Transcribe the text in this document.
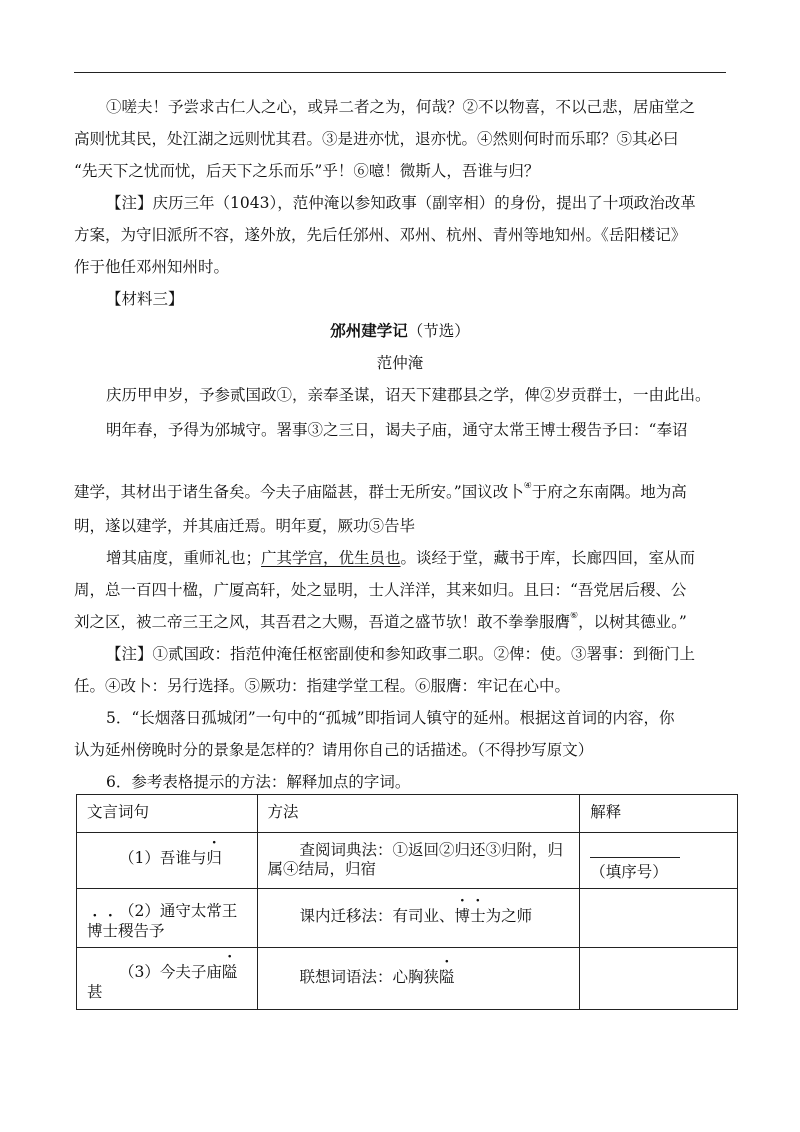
①嗟夫！予尝求古仁人之心，或异二者之为，何哉？②不以物喜，不以己悲，居庙堂之
高则忧其民，处江湖之远则忧其君。③是进亦忧，退亦忧。④然则何时而乐耶？⑤其必曰
“先天下之忧而忧，后天下之乐而乐”乎！⑥噫！微斯人，吾谁与归？
【注】庆历三年（1043），范仲淹以参知政事（副宰相）的身份，提出了十项政治改革
方案，为守旧派所不容，遂外放，先后任邠州、邓州、杭州、青州等地知州。《岳阳楼记》
作于他任邓州知州时。
【材料三】
邠州建学记（节选）
范仲淹
庆历甲申岁，予参贰国政①，亲奉圣谋，诏天下建郡县之学，俾②岁贡群士，一由此出。
明年春，予得为邠城守。署事③之三日，谒夫子庙，通守太常王博士稷告予曰：“奉诏
建学，其材出于诸生备矣。今夫子庙隘甚，群士无所安。”国议改卜④于府之东南隅。地为高
明，遂以建学，并其庙迁焉。明年夏，厥功⑤告毕
增其庙度，重师礼也；广其学宫，优生员也。谈经于堂，藏书于库，长廊四回，室从而
周，总一百四十楹，广厦高轩，处之显明，士人洋洋，其来如归。且曰：“吾党居后稷、公
刘之区，被二帝三王之风，其吾君之大赐，吾道之盛节欤！敢不拳拳服膺⑥，以树其德业。”
【注】①贰国政：指范仲淹任枢密副使和参知政事二职。②俾：使。③署事：到衙门上
任。④改卜：另行选择。⑤厥功：指建学堂工程。⑥服膺：牢记在心中。
5．“长烟落日孤城闭”一句中的“孤城”即指词人镇守的延州。根据这首词的内容，你
认为延州傍晚时分的景象是怎样的？请用你自己的话描述。（不得抄写原文）
6．参考表格提示的方法：解释加点的字词。
文言词句	方法	解释

（1）吾谁与归	查阅词典法：①返回②归还③归附，归
属④结局，归宿	（填序号）

（2）通守太常王
博士稷告予	课内迁移法：有司业、博士为之师

（3）今夫子庙隘
甚	联想词语法：心胸狭隘
